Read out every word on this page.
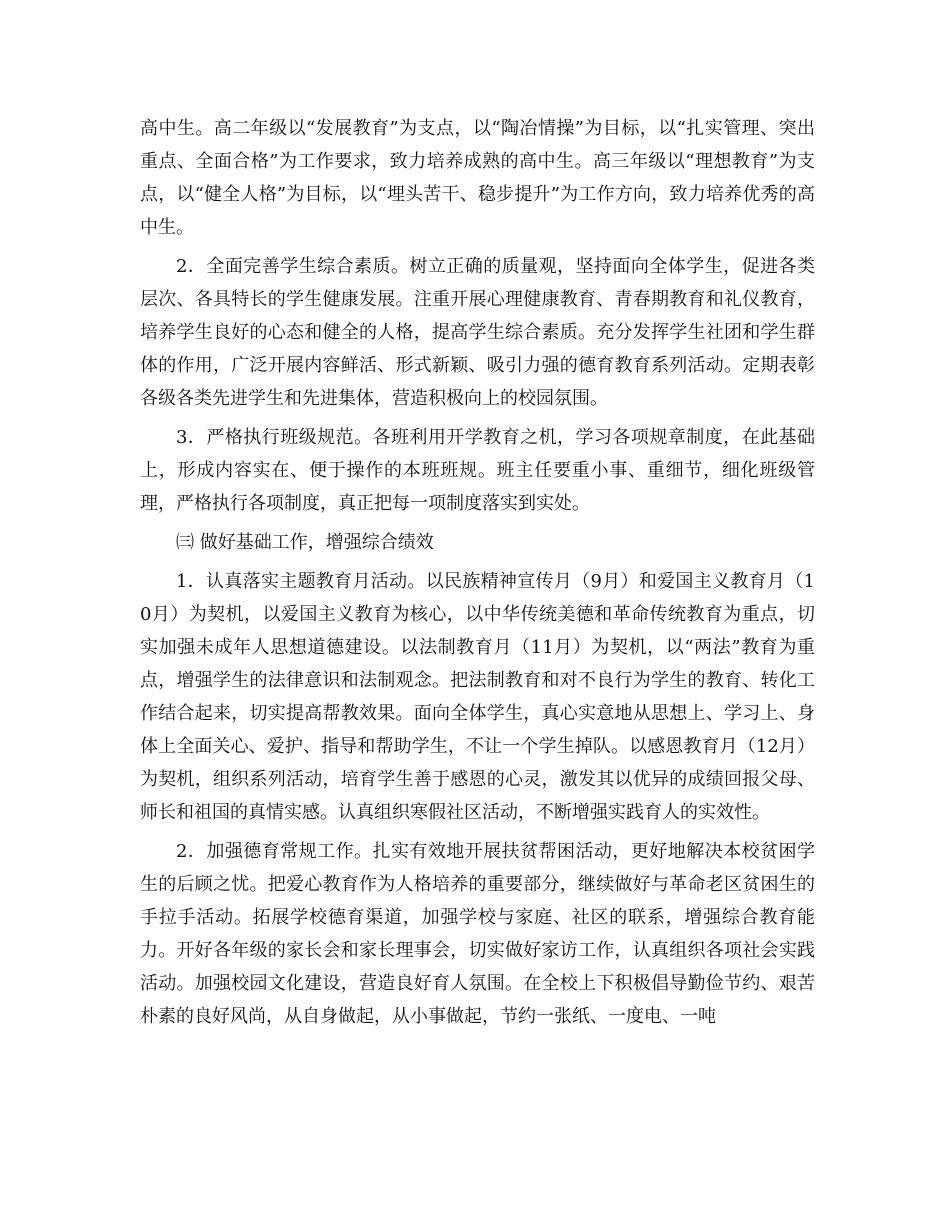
高中生。高二年级以“发展教育”为支点，以“陶冶情操”为目标，以“扎实管理、突出重点、全面合格”为工作要求，致力培养成熟的高中生。高三年级以“理想教育”为支点，以“健全人格”为目标，以“埋头苦干、稳步提升”为工作方向，致力培养优秀的高中生。

2．全面完善学生综合素质。树立正确的质量观，坚持面向全体学生，促进各类层次、各具特长的学生健康发展。注重开展心理健康教育、青春期教育和礼仪教育，培养学生良好的心态和健全的人格，提高学生综合素质。充分发挥学生社团和学生群体的作用，广泛开展内容鲜活、形式新颖、吸引力强的德育教育系列活动。定期表彰各级各类先进学生和先进集体，营造积极向上的校园氛围。

3．严格执行班级规范。各班利用开学教育之机，学习各项规章制度，在此基础上，形成内容实在、便于操作的本班班规。班主任要重小事、重细节，细化班级管理，严格执行各项制度，真正把每一项制度落实到实处。

㈢ 做好基础工作，增强综合绩效

1．认真落实主题教育月活动。以民族精神宣传月（9月）和爱国主义教育月（10月）为契机，以爱国主义教育为核心，以中华传统美德和革命传统教育为重点，切实加强未成年人思想道德建设。以法制教育月（11月）为契机，以“两法”教育为重点，增强学生的法律意识和法制观念。把法制教育和对不良行为学生的教育、转化工作结合起来，切实提高帮教效果。面向全体学生，真心实意地从思想上、学习上、身体上全面关心、爱护、指导和帮助学生，不让一个学生掉队。以感恩教育月（12月）为契机，组织系列活动，培育学生善于感恩的心灵，激发其以优异的成绩回报父母、师长和祖国的真情实感。认真组织寒假社区活动，不断增强实践育人的实效性。

2．加强德育常规工作。扎实有效地开展扶贫帮困活动，更好地解决本校贫困学生的后顾之忧。把爱心教育作为人格培养的重要部分，继续做好与革命老区贫困生的手拉手活动。拓展学校德育渠道，加强学校与家庭、社区的联系，增强综合教育能力。开好各年级的家长会和家长理事会，切实做好家访工作，认真组织各项社会实践活动。加强校园文化建设，营造良好育人氛围。在全校上下积极倡导勤俭节约、艰苦朴素的良好风尚，从自身做起，从小事做起，节约一张纸、一度电、一吨
